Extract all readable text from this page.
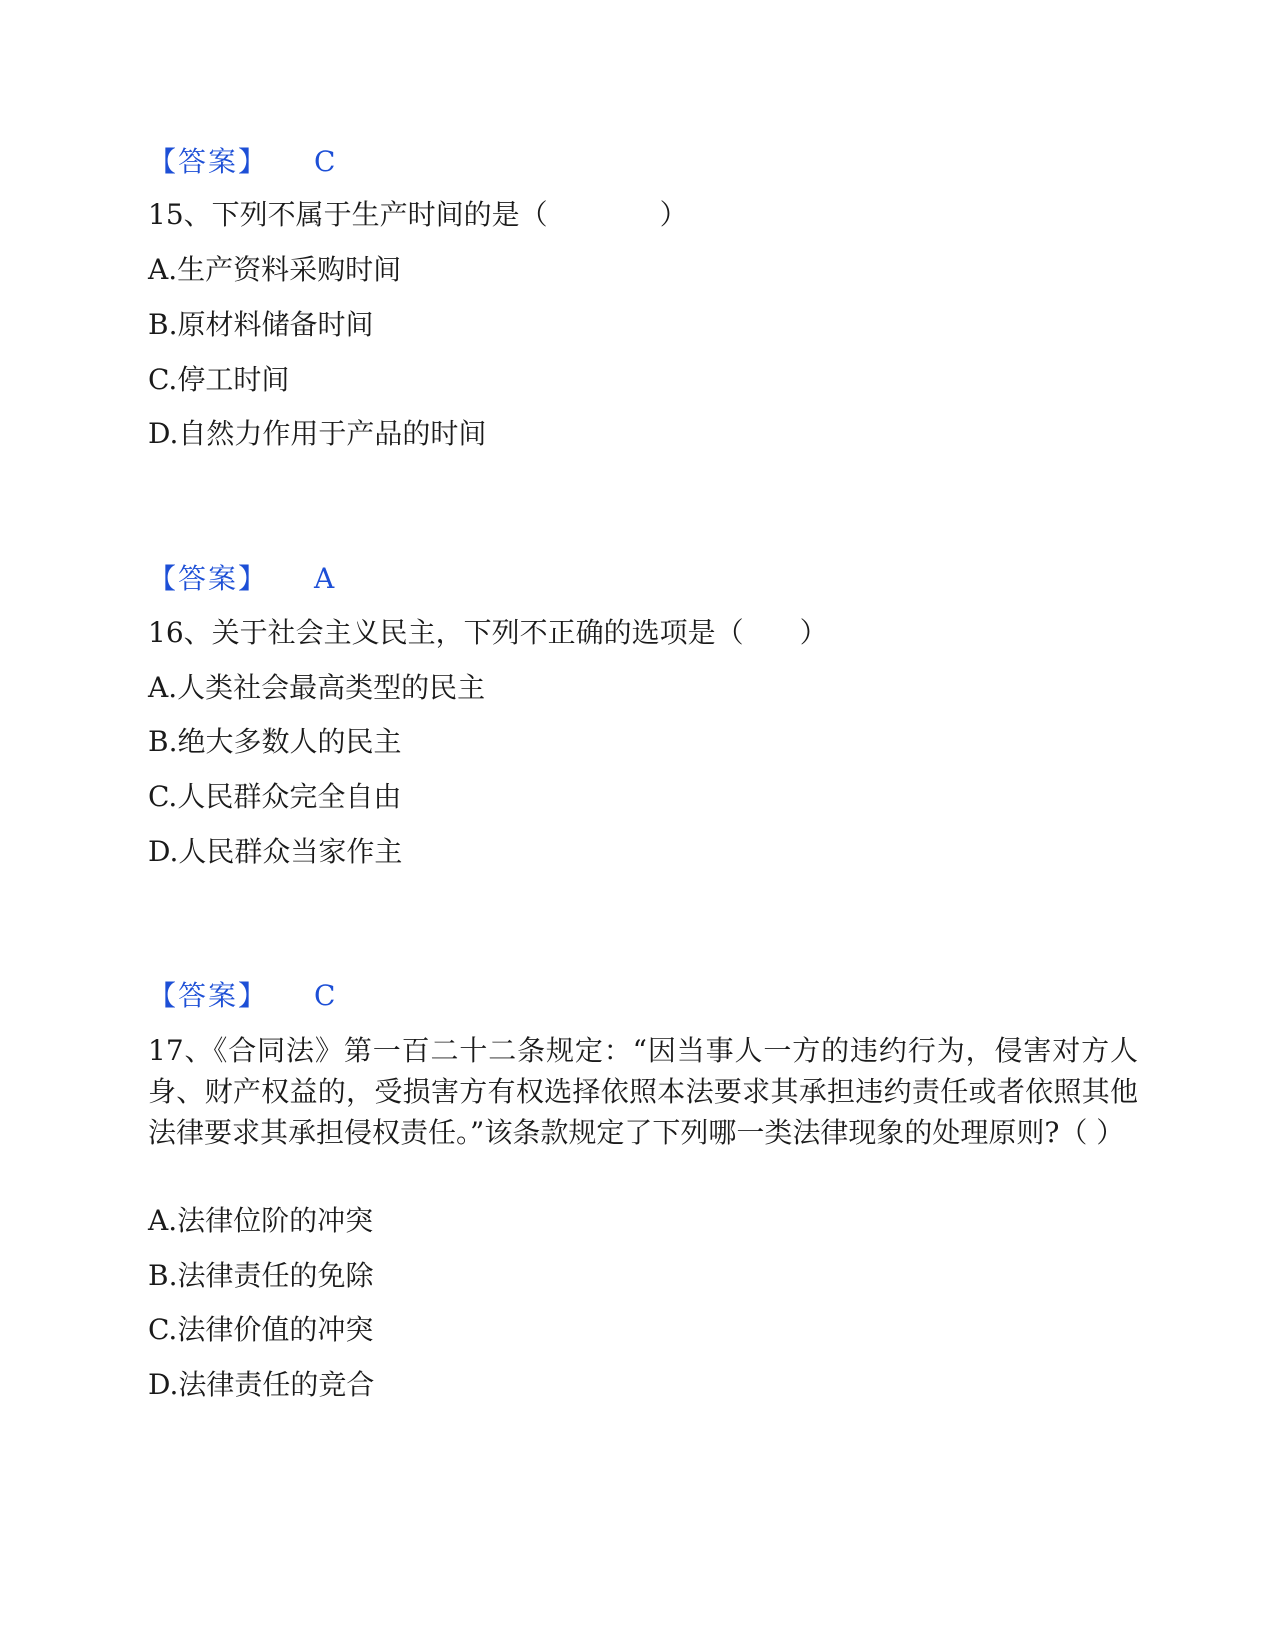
【答案】 C
15、下列不属于生产时间的是（　　　　）
A.生产资料采购时间
B.原材料储备时间
C.停工时间
D.自然力作用于产品的时间
【答案】 A
16、关于社会主义民主，下列不正确的选项是（　　）
A.人类社会最高类型的民主
B.绝大多数人的民主
C.人民群众完全自由
D.人民群众当家作主
【答案】 C
17、《合同法》第一百二十二条规定：“因当事人一方的违约行为，侵害对方人身、财产权益的，受损害方有权选择依照本法要求其承担违约责任或者依照其他法律要求其承担侵权责任。”该条款规定了下列哪一类法律现象的处理原则?（ ）
A.法律位阶的冲突
B.法律责任的免除
C.法律价值的冲突
D.法律责任的竞合
